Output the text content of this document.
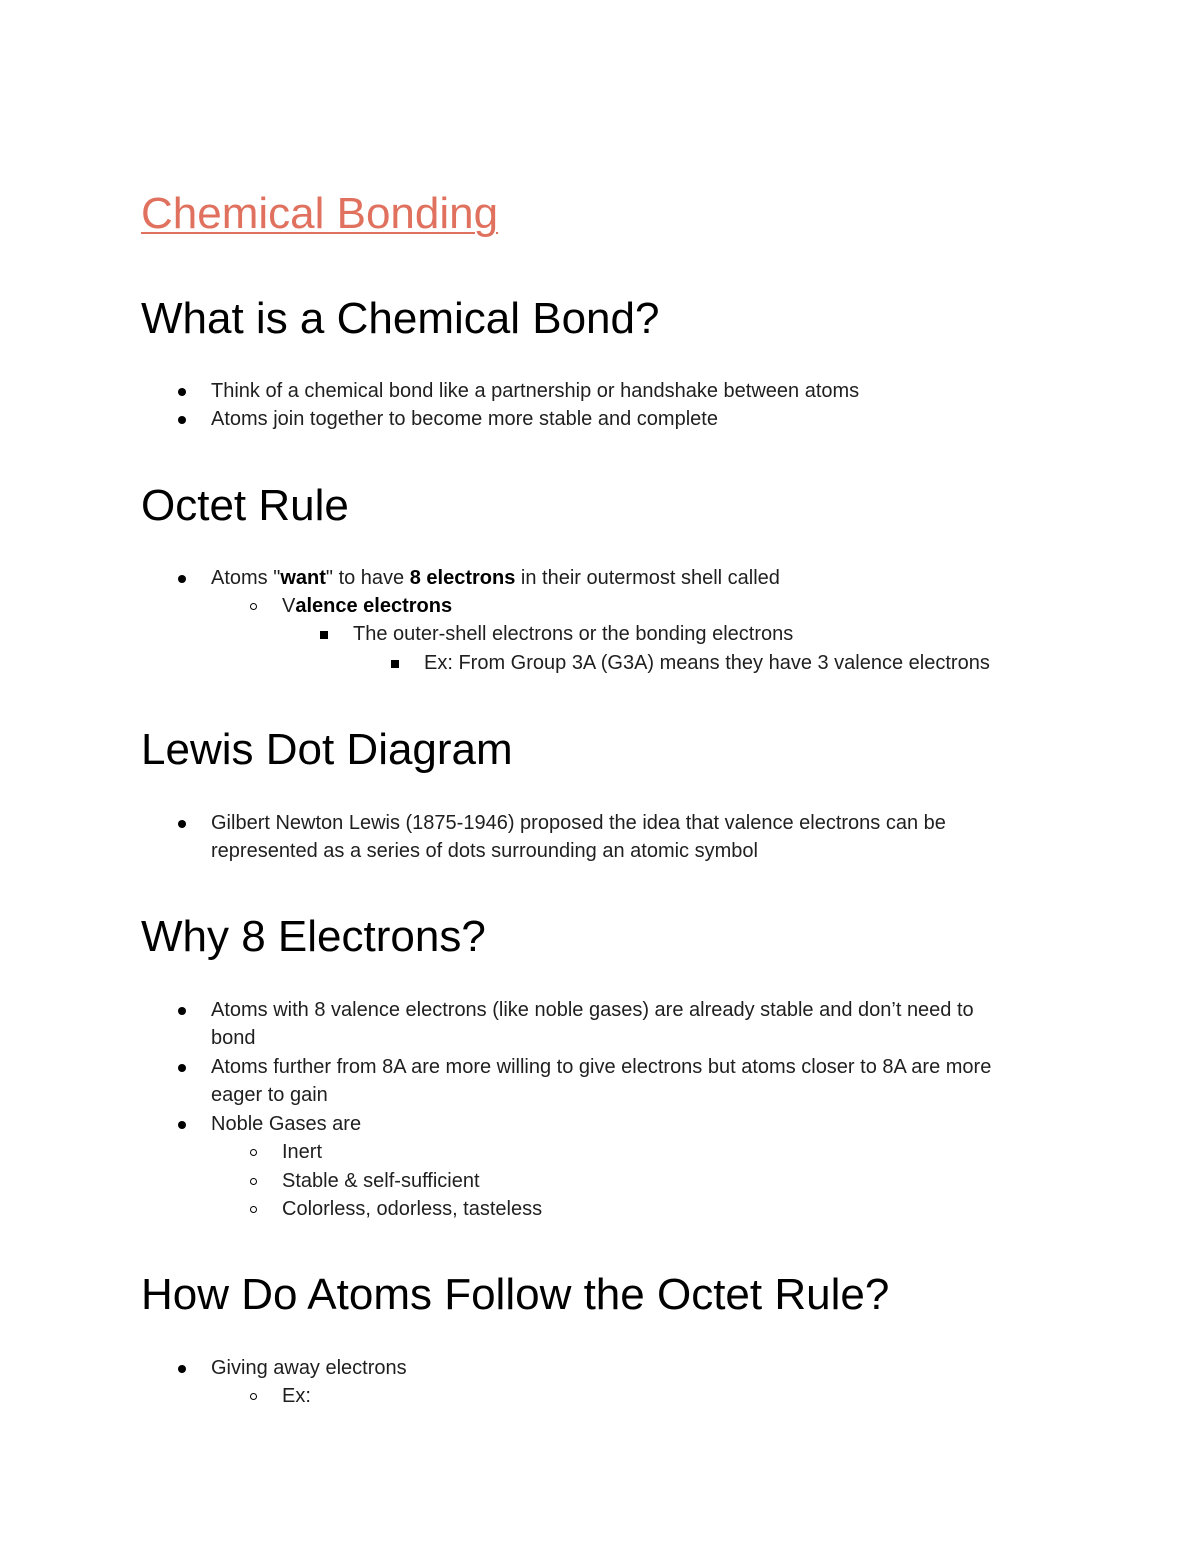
Chemical Bonding
What is a Chemical Bond?
Think of a chemical bond like a partnership or handshake between atoms
Atoms join together to become more stable and complete
Octet Rule
Atoms "want" to have 8 electrons in their outermost shell called
Valence electrons
The outer-shell electrons or the bonding electrons
Ex: From Group 3A (G3A) means they have 3 valence electrons
Lewis Dot Diagram
Gilbert Newton Lewis (1875-1946) proposed the idea that valence electrons can be
represented as a series of dots surrounding an atomic symbol
Why 8 Electrons?
Atoms with 8 valence electrons (like noble gases) are already stable and don’t need to
bond
Atoms further from 8A are more willing to give electrons but atoms closer to 8A are more
eager to gain
Noble Gases are
Inert
Stable & self-sufficient
Colorless, odorless, tasteless
How Do Atoms Follow the Octet Rule?
Giving away electrons
Ex:
